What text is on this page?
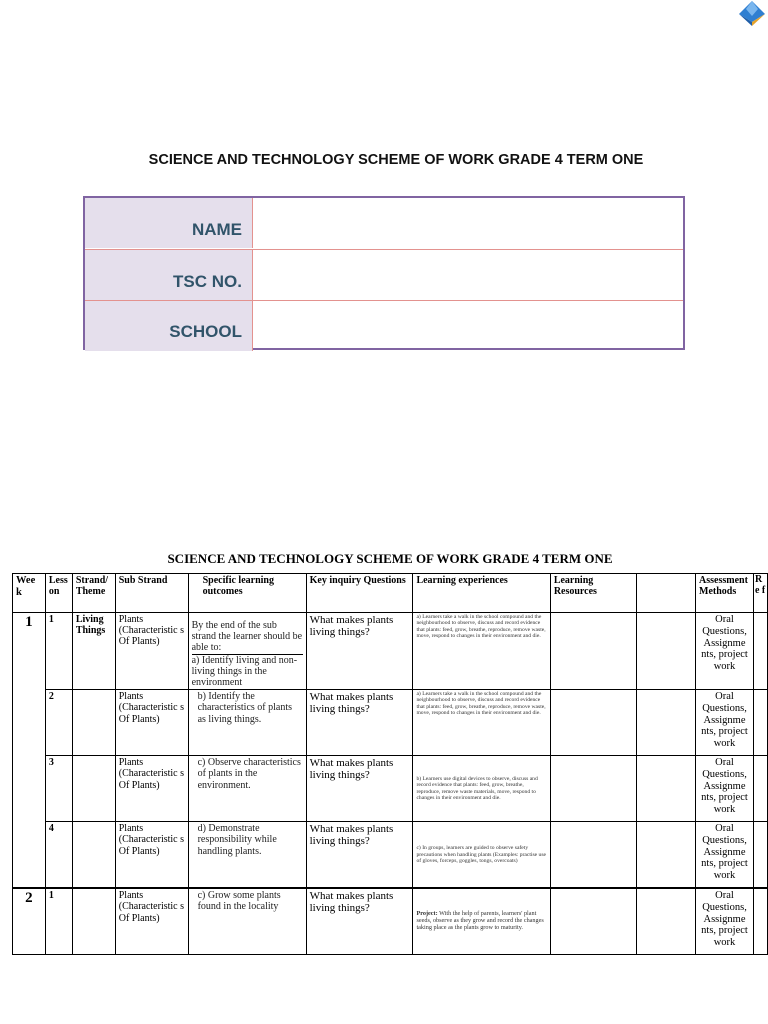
SCIENCE AND TECHNOLOGY SCHEME OF WORK GRADE 4 TERM ONE
NAME
TSC NO.
SCHOOL
SCIENCE AND TECHNOLOGY SCHEME OF WORK GRADE 4 TERM ONE
Wee k	Less on	Strand/ Theme	Sub Strand	Specific learning outcomes	Key inquiry Questions	Learning experiences	Learning Resources		Assessment Methods	R e f
1	1	Living Things	Plants (Characteristic s Of Plants)	By the end of the sub strand the learner should be able to:
a) Identify living and non-living things in the environment	What makes plants living things?	a) Learners take a walk in the school compound and the neighbourhood to observe, discuss and record evidence that plants: feed, grow, breathe, reproduce, remove waste, move, respond to changes in their environment and die.			Oral Questions, Assignme nts, project work	
	2		Plants (Characteristic s Of Plants)	b) Identify the characteristics of plants as living things.	What makes plants living things?	a) Learners take a walk in the school compound and the neighbourhood to observe, discuss and record evidence that plants: feed, grow, breathe, reproduce, remove waste, move, respond to changes in their environment and die.			Oral Questions, Assignme nts, project work	
	3		Plants (Characteristic s Of Plants)	c) Observe characteristics of plants in the environment.	What makes plants living things?	b) Learners use digital devices to observe, discuss and record evidence that plants: feed, grow, breathe, reproduce, remove waste materials, move, respond to changes in their environment and die.			Oral Questions, Assignme nts, project work	
	4		Plants (Characteristic s Of Plants)	d) Demonstrate responsibility while handling plants.	What makes plants living things?	c) In groups, learners are guided to observe safety precautions when handling plants (Examples: practise use of gloves, forceps, goggles, tongs, overcoats)			Oral Questions, Assignme nts, project work	
2	1		Plants (Characteristic s Of Plants)	c) Grow some plants found in the locality	What makes plants living things?	Project: With the help of parents, learners' plant seeds, observe as they grow and record the changes taking place as the plants grow to maturity.			Oral Questions, Assignme nts, project work	
